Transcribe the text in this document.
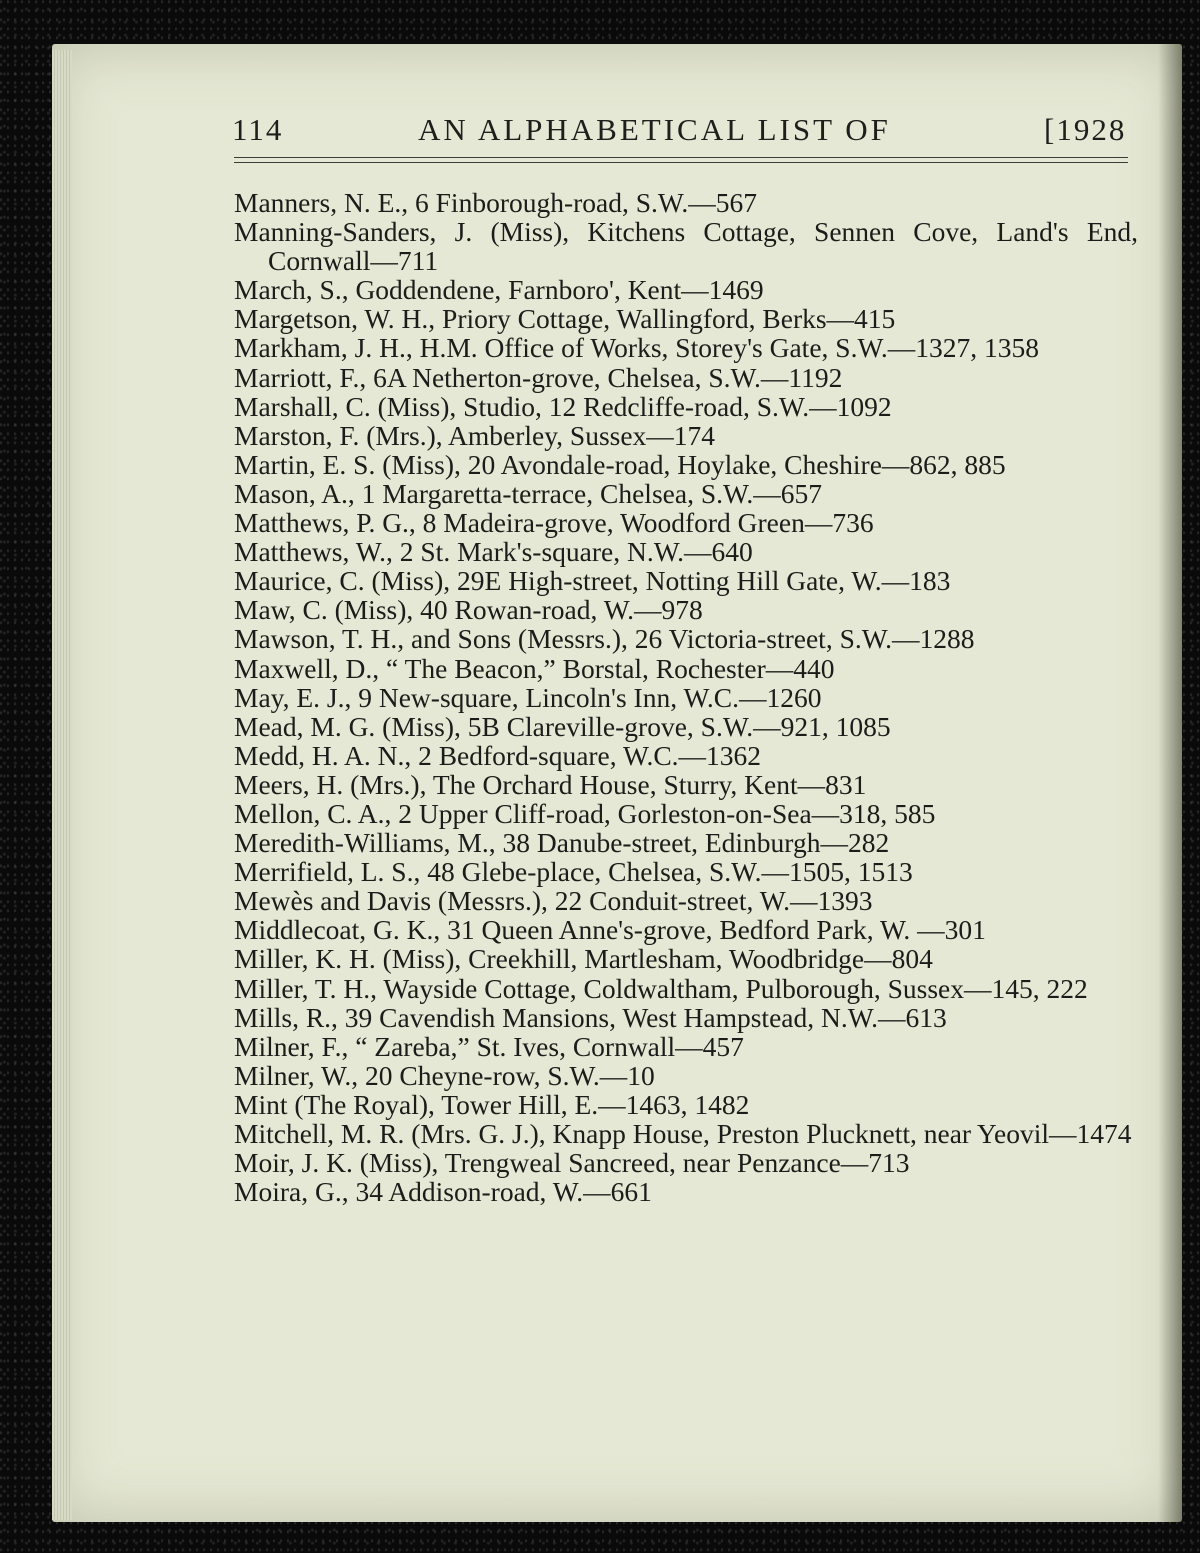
114	AN ALPHABETICAL LIST OF	[1928
Manners, N. E., 6 Finborough-road, S.W.—567
Manning-Sanders, J. (Miss), Kitchens Cottage, Sennen Cove, Land's End, Cornwall—711
March, S., Goddendene, Farnboro', Kent—1469
Margetson, W. H., Priory Cottage, Wallingford, Berks—415
Markham, J. H., H.M. Office of Works, Storey's Gate, S.W.—1327, 1358
Marriott, F., 6A Netherton-grove, Chelsea, S.W.—1192
Marshall, C. (Miss), Studio, 12 Redcliffe-road, S.W.—1092
Marston, F. (Mrs.), Amberley, Sussex—174
Martin, E. S. (Miss), 20 Avondale-road, Hoylake, Cheshire—862, 885
Mason, A., 1 Margaretta-terrace, Chelsea, S.W.—657
Matthews, P. G., 8 Madeira-grove, Woodford Green—736
Matthews, W., 2 St. Mark's-square, N.W.—640
Maurice, C. (Miss), 29E High-street, Notting Hill Gate, W.—183
Maw, C. (Miss), 40 Rowan-road, W.—978
Mawson, T. H., and Sons (Messrs.), 26 Victoria-street, S.W.—1288
Maxwell, D., “ The Beacon,” Borstal, Rochester—440
May, E. J., 9 New-square, Lincoln's Inn, W.C.—1260
Mead, M. G. (Miss), 5B Clareville-grove, S.W.—921, 1085
Medd, H. A. N., 2 Bedford-square, W.C.—1362
Meers, H. (Mrs.), The Orchard House, Sturry, Kent—831
Mellon, C. A., 2 Upper Cliff-road, Gorleston-on-Sea—318, 585
Meredith-Williams, M., 38 Danube-street, Edinburgh—282
Merrifield, L. S., 48 Glebe-place, Chelsea, S.W.—1505, 1513
Mewès and Davis (Messrs.), 22 Conduit-street, W.—1393
Middlecoat, G. K., 31 Queen Anne's-grove, Bedford Park, W. —301
Miller, K. H. (Miss), Creekhill, Martlesham, Woodbridge—804
Miller, T. H., Wayside Cottage, Coldwaltham, Pulborough, Sussex—145, 222
Mills, R., 39 Cavendish Mansions, West Hampstead, N.W.—613
Milner, F., “ Zareba,” St. Ives, Cornwall—457
Milner, W., 20 Cheyne-row, S.W.—10
Mint (The Royal), Tower Hill, E.—1463, 1482
Mitchell, M. R. (Mrs. G. J.), Knapp House, Preston Plucknett, near Yeovil—1474
Moir, J. K. (Miss), Trengweal Sancreed, near Penzance—713
Moira, G., 34 Addison-road, W.—661
